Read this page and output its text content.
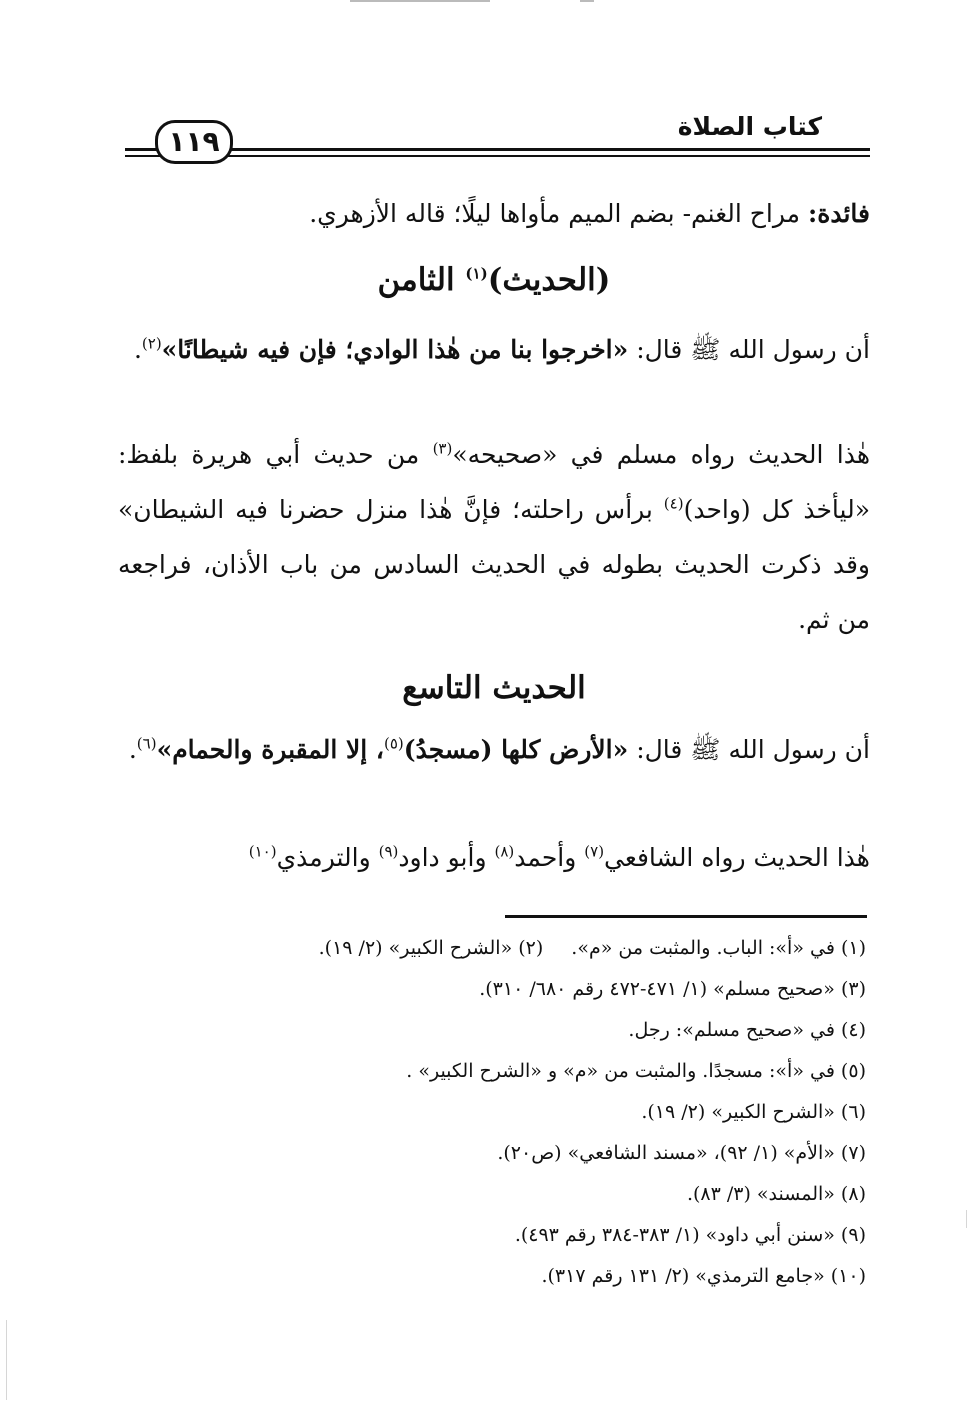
١١٩	كتاب الصلاة
فائدة: مراح الغنم- بضم الميم مأواها ليلًا؛ قاله الأزهري.
(الحديث)$^{(١)}$ الثامن
أن رسول الله ﷺ قال: «اخرجوا بنا من هٰذا الوادي؛ فإن فيه شيطانًا»$^{(٢)}$.
هٰذا الحديث رواه مسلم في «صحيحه»$^{(٣)}$ من حديث أبي هريرة بلفظ: «ليأخذ كل (واحد)$^{(٤)}$ برأس راحلته؛ فإنَّ هٰذا منزل حضرنا فيه الشيطان» وقد ذكرت الحديث بطوله في الحديث السادس من باب الأذان، فراجعه من ثم.
الحديث التاسع
أن رسول الله ﷺ قال: «الأرض كلها (مسجدُ)$^{(٥)}$، إلا المقبرة والحمام»$^{(٦)}$.
هٰذا الحديث رواه الشافعي$^{(٧)}$ وأحمد$^{(٨)}$ وأبو داود$^{(٩)}$ والترمذي$^{(١٠)}$
(١) في «أ»: الباب. والمثبت من «م».(٢) «الشرح الكبير» (٢/ ١٩).
(٣) «صحيح مسلم» (١/ ٤٧١-٤٧٢ رقم ٦٨٠/ ٣١٠).
(٤) في «صحيح مسلم»: رجل.
(٥) في «أ»: مسجدًا. والمثبت من «م» و «الشرح الكبير» .
(٦) «الشرح الكبير» (٢/ ١٩).
(٧) «الأم» (١/ ٩٢)، «مسند الشافعي» (ص٢٠).
(٨) «المسند» (٣/ ٨٣).
(٩) «سنن أبي داود» (١/ ٣٨٣-٣٨٤ رقم ٤٩٣).
(١٠) «جامع الترمذي» (٢/ ١٣١ رقم ٣١٧).
